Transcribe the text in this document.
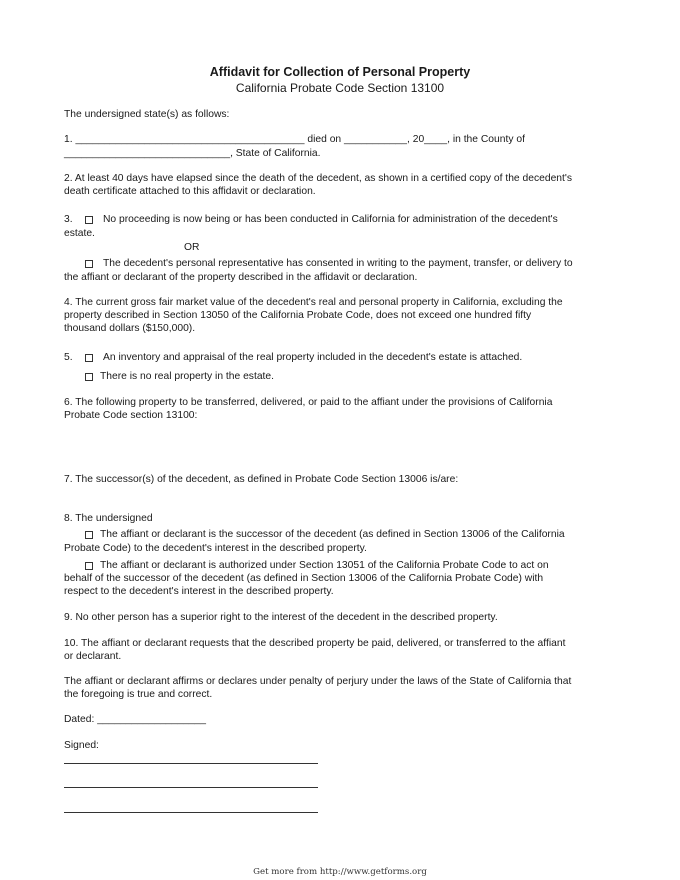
Affidavit for Collection of Personal Property
California Probate Code Section 13100
The undersigned state(s) as follows:
1. ________________________________________ died on ___________, 20____, in the County of
_____________________________, State of California.
2. At least 40 days have elapsed since the death of the decedent, as shown in a certified copy of the decedent's
death certificate attached to this affidavit or declaration.
3.	No proceeding is now being or has been conducted in California for administration of the decedent's
estate.
OR
The decedent's personal representative has consented in writing to the payment, transfer, or delivery to
the affiant or declarant of the property described in the affidavit or declaration.
4. The current gross fair market value of the decedent's real and personal property in California, excluding the
property described in Section 13050 of the California Probate Code, does not exceed one hundred fifty
thousand dollars ($150,000).
5.	An inventory and appraisal of the real property included in the decedent's estate is attached.
There is no real property in the estate.
6. The following property to be transferred, delivered, or paid to the affiant under the provisions of California
Probate Code section 13100:
7. The successor(s) of the decedent, as defined in Probate Code Section 13006 is/are:
8. The undersigned
The affiant or declarant is the successor of the decedent (as defined in Section 13006 of the California
Probate Code) to the decedent's interest in the described property.
The affiant or declarant is authorized under Section 13051 of the California Probate Code to act on
behalf of the successor of the decedent (as defined in Section 13006 of the California Probate Code) with
respect to the decedent's interest in the described property.
9. No other person has a superior right to the interest of the decedent in the described property.
10. The affiant or declarant requests that the described property be paid, delivered, or transferred to the affiant
or declarant.
The affiant or declarant affirms or declares under penalty of perjury under the laws of the State of California that
the foregoing is true and correct.
Dated: ___________________
Signed:
Get more from http://www.getforms.org
